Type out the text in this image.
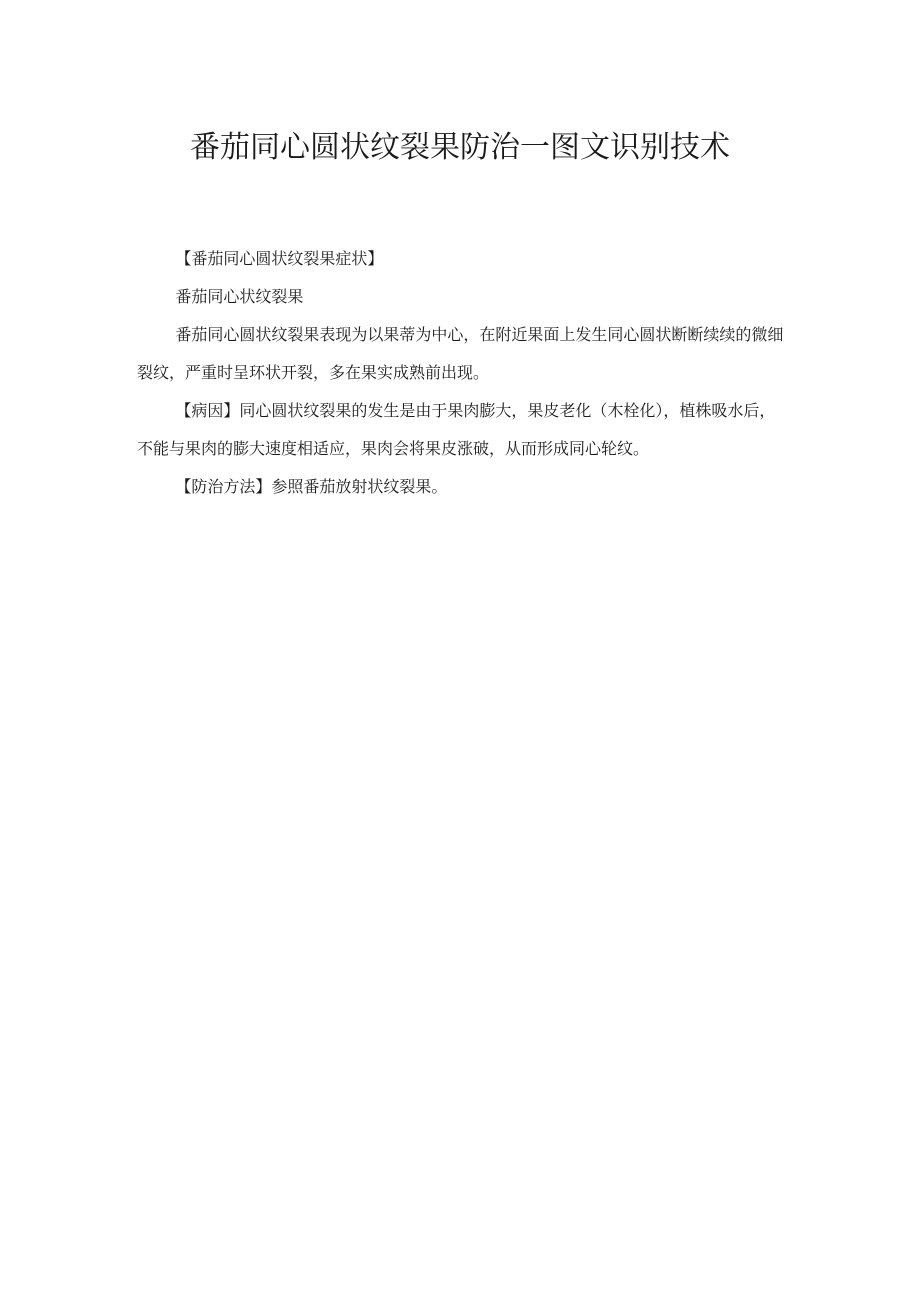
番茄同心圆状纹裂果防治一图文识别技术

【番茄同心圆状纹裂果症状】

番茄同心状纹裂果

番茄同心圆状纹裂果表现为以果蒂为中心，在附近果面上发生同心圆状断断续续的微细裂纹，严重时呈环状开裂，多在果实成熟前出现。

【病因】同心圆状纹裂果的发生是由于果肉膨大，果皮老化（木栓化），植株吸水后，不能与果肉的膨大速度相适应，果肉会将果皮涨破，从而形成同心轮纹。

【防治方法】参照番茄放射状纹裂果。
